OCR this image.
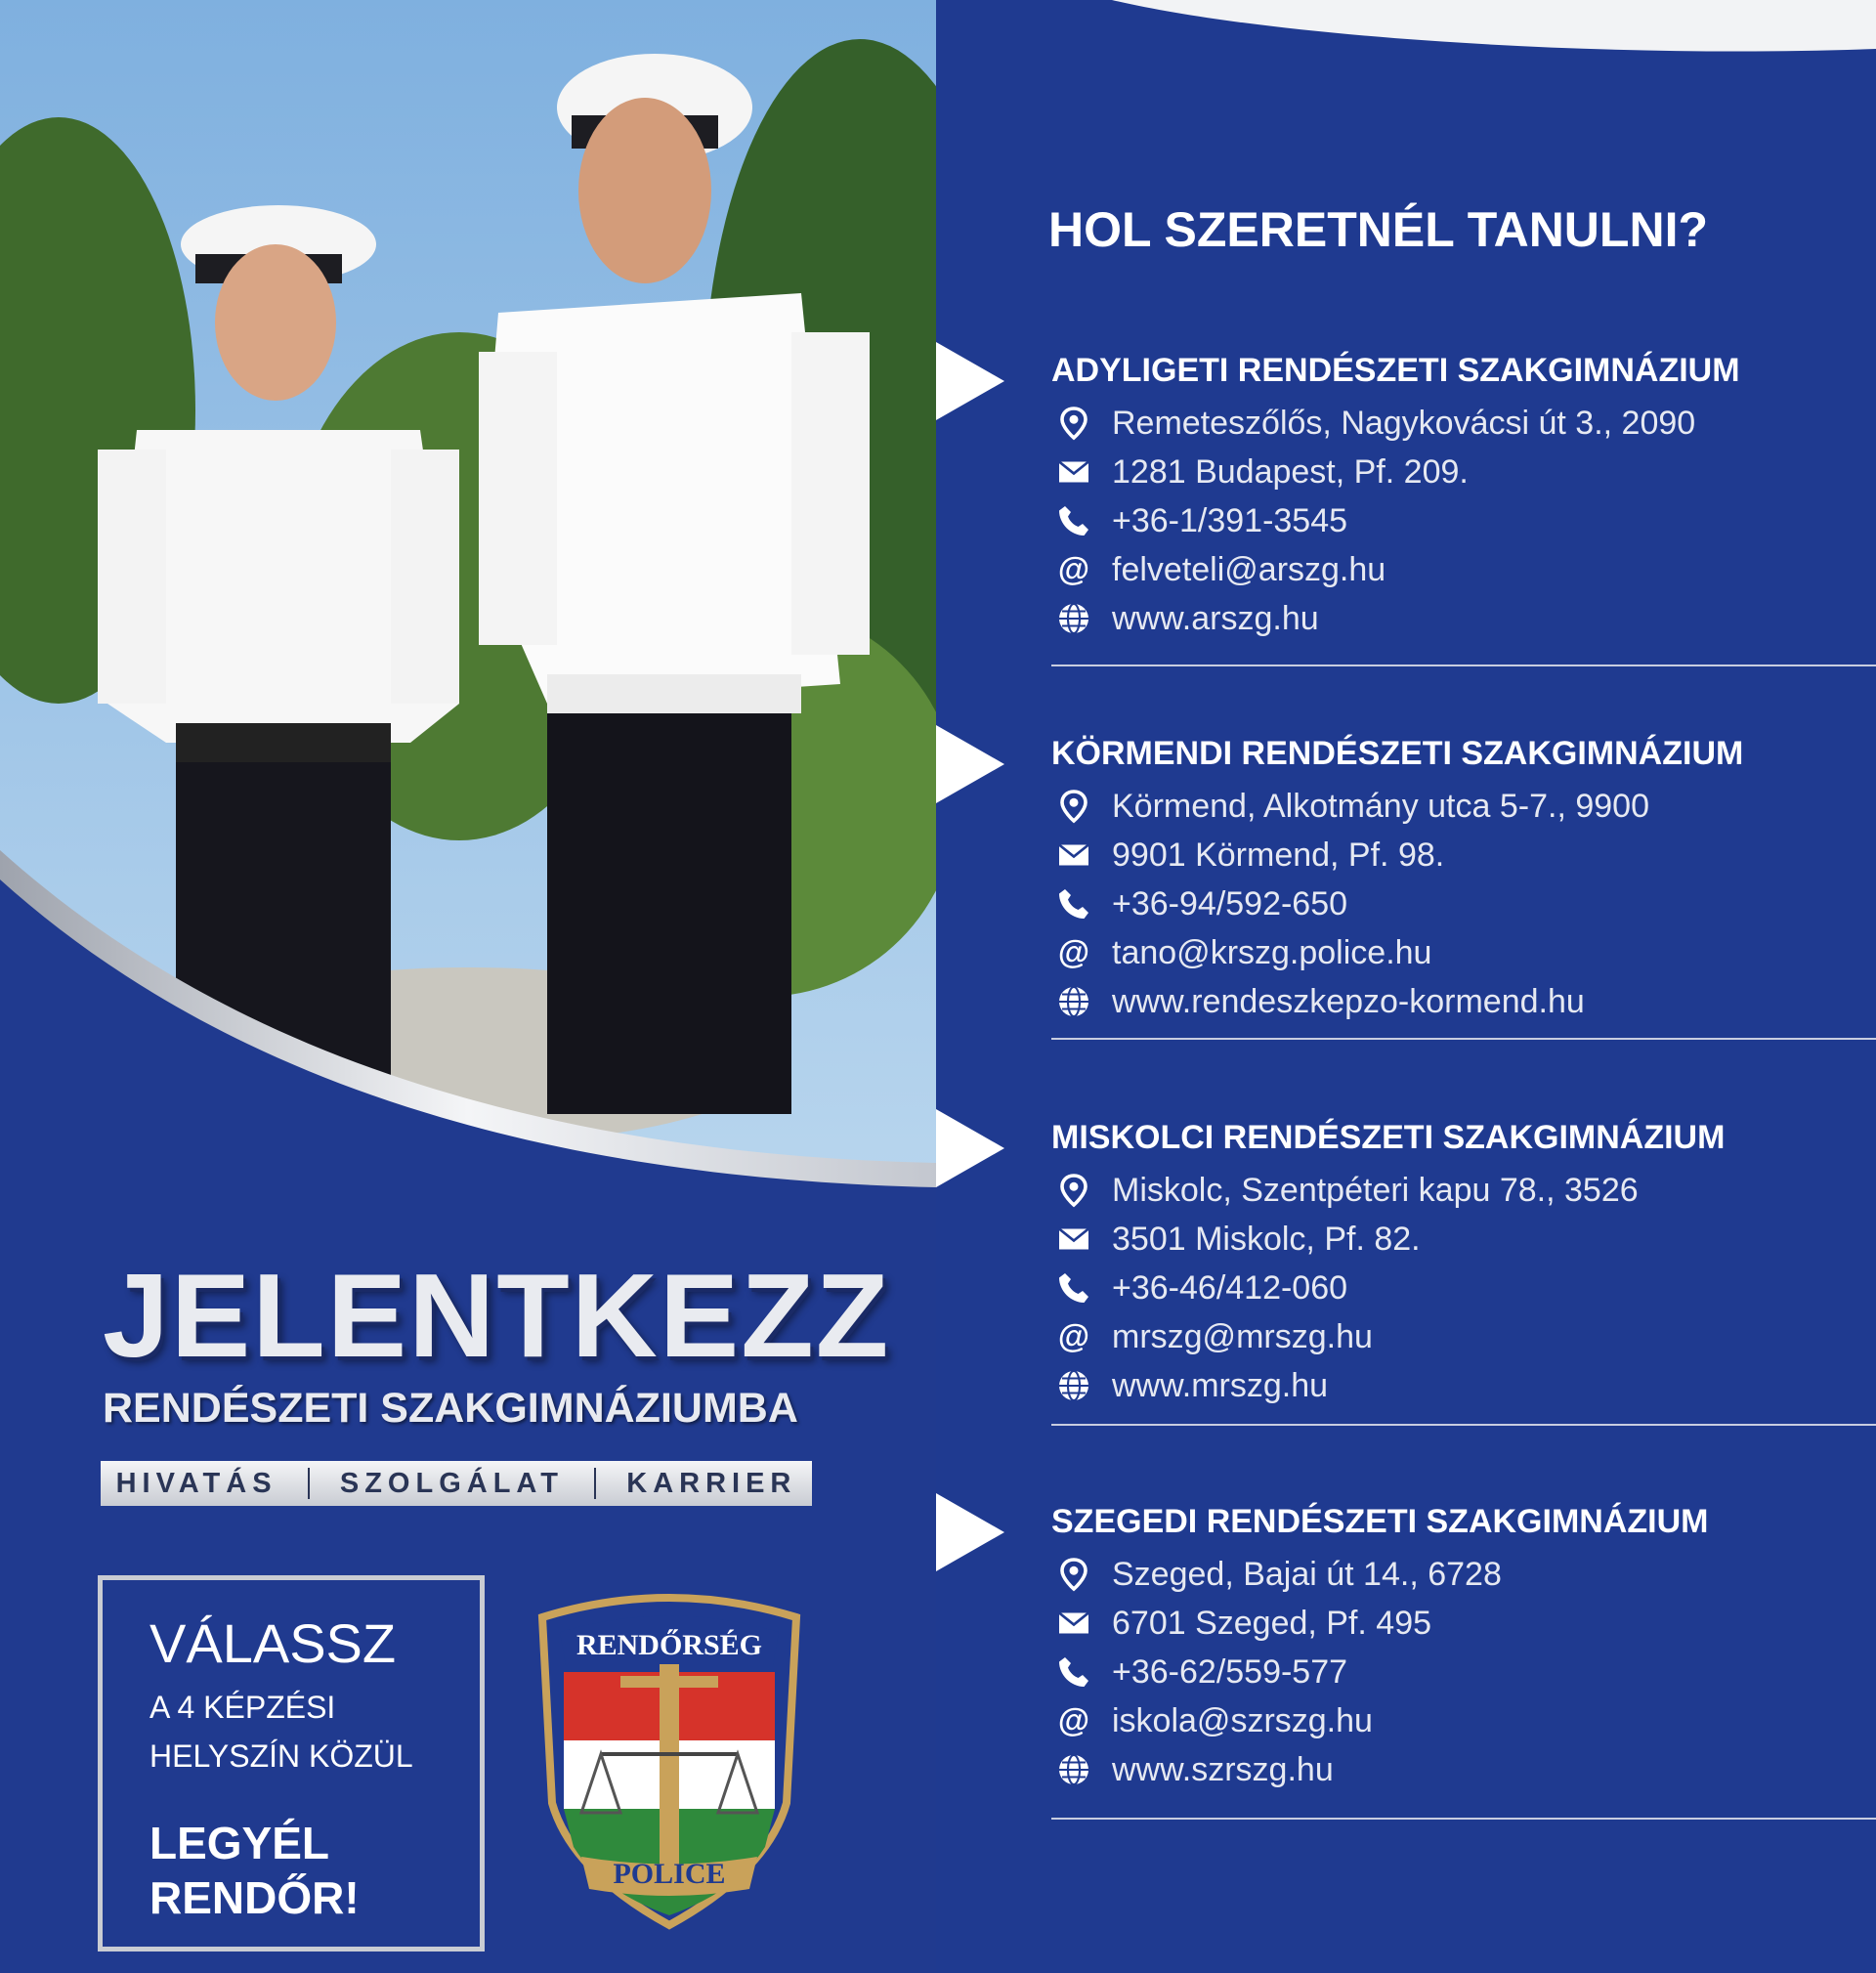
JELENTKEZZ
RENDÉSZETI SZAKGIMNÁZIUMBA
HIVATÁS SZOLGÁLAT KARRIER
VÁLASSZ
A 4 KÉPZÉSI
HELYSZÍN KÖZÜL
LEGYÉL
RENDŐR!
RENDŐRSÉG
POLICE
HOL SZERETNÉL TANULNI?
ADYLIGETI RENDÉSZETI SZAKGIMNÁZIUM
Remeteszőlős, Nagykovácsi út 3., 2090
1281 Budapest, Pf. 209.
+36-1/391-3545
@ felveteli@arszg.hu
www.arszg.hu
KÖRMENDI RENDÉSZETI SZAKGIMNÁZIUM
Körmend, Alkotmány utca 5-7., 9900
9901 Körmend, Pf. 98.
+36-94/592-650
@ tano@krszg.police.hu
www.rendeszkepzo-kormend.hu
MISKOLCI RENDÉSZETI SZAKGIMNÁZIUM
Miskolc, Szentpéteri kapu 78., 3526
3501 Miskolc, Pf. 82.
+36-46/412-060
@ mrszg@mrszg.hu
www.mrszg.hu
SZEGEDI RENDÉSZETI SZAKGIMNÁZIUM
Szeged, Bajai út 14., 6728
6701 Szeged, Pf. 495
+36-62/559-577
@ iskola@szrszg.hu
www.szrszg.hu
